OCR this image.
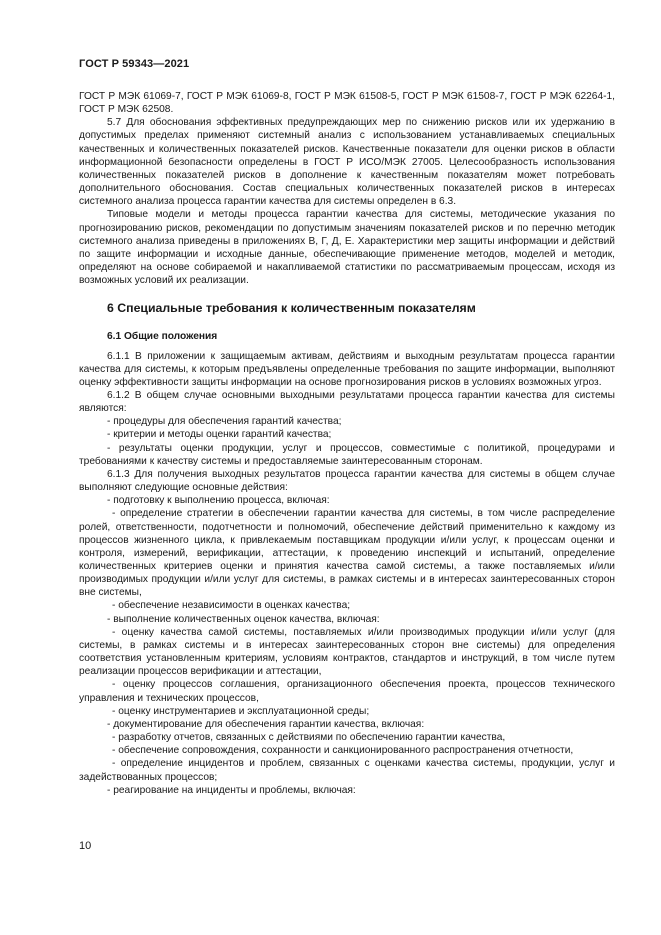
ГОСТ Р 59343—2021

ГОСТ Р МЭК 61069-7, ГОСТ Р МЭК 61069-8, ГОСТ Р МЭК 61508-5, ГОСТ Р МЭК 61508-7, ГОСТ Р МЭК 62264-1, ГОСТ Р МЭК 62508.

5.7 Для обоснования эффективных предупреждающих мер по снижению рисков или их удержанию в допустимых пределах применяют системный анализ с использованием устанавливаемых специальных качественных и количественных показателей рисков. Качественные показатели для оценки рисков в области информационной безопасности определены в ГОСТ Р ИСО/МЭК 27005. Целесообразность использования количественных показателей рисков в дополнение к качественным показателям может потребовать дополнительного обоснования. Состав специальных количественных показателей рисков в интересах системного анализа процесса гарантии качества для системы определен в 6.3.

Типовые модели и методы процесса гарантии качества для системы, методические указания по прогнозированию рисков, рекомендации по допустимым значениям показателей рисков и по перечню методик системного анализа приведены в приложениях В, Г, Д, Е. Характеристики мер защиты информации и действий по защите информации и исходные данные, обеспечивающие применение методов, моделей и методик, определяют на основе собираемой и накапливаемой статистики по рассматриваемым процессам, исходя из возможных условий их реализации.

6 Специальные требования к количественным показателям

6.1 Общие положения

6.1.1 В приложении к защищаемым активам, действиям и выходным результатам процесса гарантии качества для системы, к которым предъявлены определенные требования по защите информации, выполняют оценку эффективности защиты информации на основе прогнозирования рисков в условиях возможных угроз.

6.1.2 В общем случае основными выходными результатами процесса гарантии качества для системы являются:

- процедуры для обеспечения гарантий качества;

- критерии и методы оценки гарантий качества;

- результаты оценки продукции, услуг и процессов, совместимые с политикой, процедурами и требованиями к качеству системы и предоставляемые заинтересованным сторонам.

6.1.3 Для получения выходных результатов процесса гарантии качества для системы в общем случае выполняют следующие основные действия:

- подготовку к выполнению процесса, включая:

- определение стратегии в обеспечении гарантии качества для системы, в том числе распределение ролей, ответственности, подотчетности и полномочий, обеспечение действий применительно к каждому из процессов жизненного цикла, к привлекаемым поставщикам продукции и/или услуг, к процессам оценки и контроля, измерений, верификации, аттестации, к проведению инспекций и испытаний, определение количественных критериев оценки и принятия качества самой системы, а также поставляемых и/или производимых продукции и/или услуг для системы, в рамках системы и в интересах заинтересованных сторон вне системы,

- обеспечение независимости в оценках качества;

- выполнение количественных оценок качества, включая:

- оценку качества самой системы, поставляемых и/или производимых продукции и/или услуг (для системы, в рамках системы и в интересах заинтересованных сторон вне системы) для определения соответствия установленным критериям, условиям контрактов, стандартов и инструкций, в том числе путем реализации процессов верификации и аттестации,

- оценку процессов соглашения, организационного обеспечения проекта, процессов технического управления и технических процессов,

- оценку инструментариев и эксплуатационной среды;

- документирование для обеспечения гарантии качества, включая:

- разработку отчетов, связанных с действиями по обеспечению гарантии качества,

- обеспечение сопровождения, сохранности и санкционированного распространения отчетности,

- определение инцидентов и проблем, связанных с оценками качества системы, продукции, услуг и задействованных процессов;

- реагирование на инциденты и проблемы, включая:

10
